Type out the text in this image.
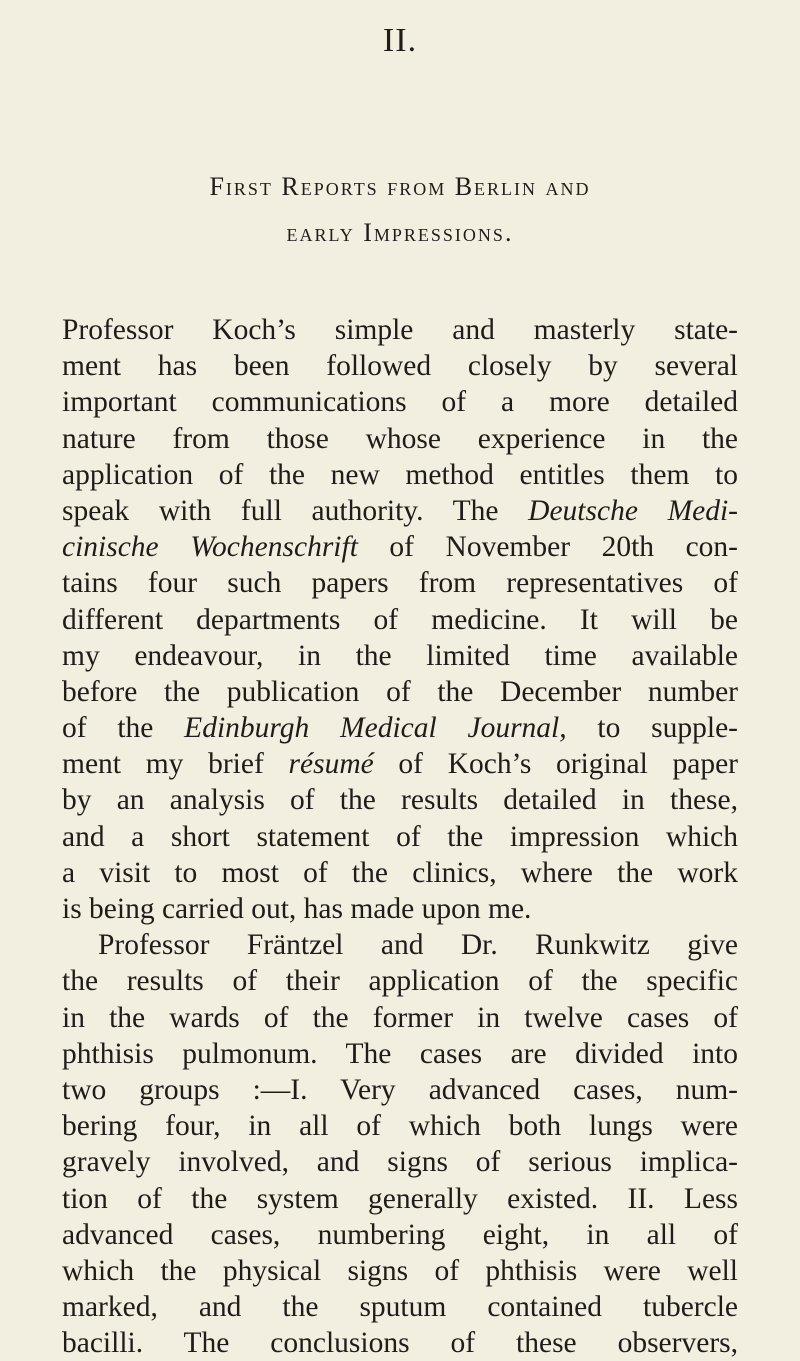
II.
First Reports from Berlin and
early Impressions.
Professor Koch’s simple and masterly state-
ment has been followed closely by several
important communications of a more detailed
nature from those whose experience in the
application of the new method entitles them to
speak with full authority. The Deutsche Medi-
cinische Wochenschrift of November 20th con-
tains four such papers from representatives of
different departments of medicine. It will be
my endeavour, in the limited time available
before the publication of the December number
of the Edinburgh Medical Journal, to supple-
ment my brief résumé of Koch’s original paper
by an analysis of the results detailed in these,
and a short statement of the impression which
a visit to most of the clinics, where the work
is being carried out, has made upon me.
Professor Fräntzel and Dr. Runkwitz give
the results of their application of the specific
in the wards of the former in twelve cases of
phthisis pulmonum. The cases are divided into
two groups :—I. Very advanced cases, num-
bering four, in all of which both lungs were
gravely involved, and signs of serious implica-
tion of the system generally existed. II. Less
advanced cases, numbering eight, in all of
which the physical signs of phthisis were well
marked, and the sputum contained tubercle
bacilli. The conclusions of these observers,
